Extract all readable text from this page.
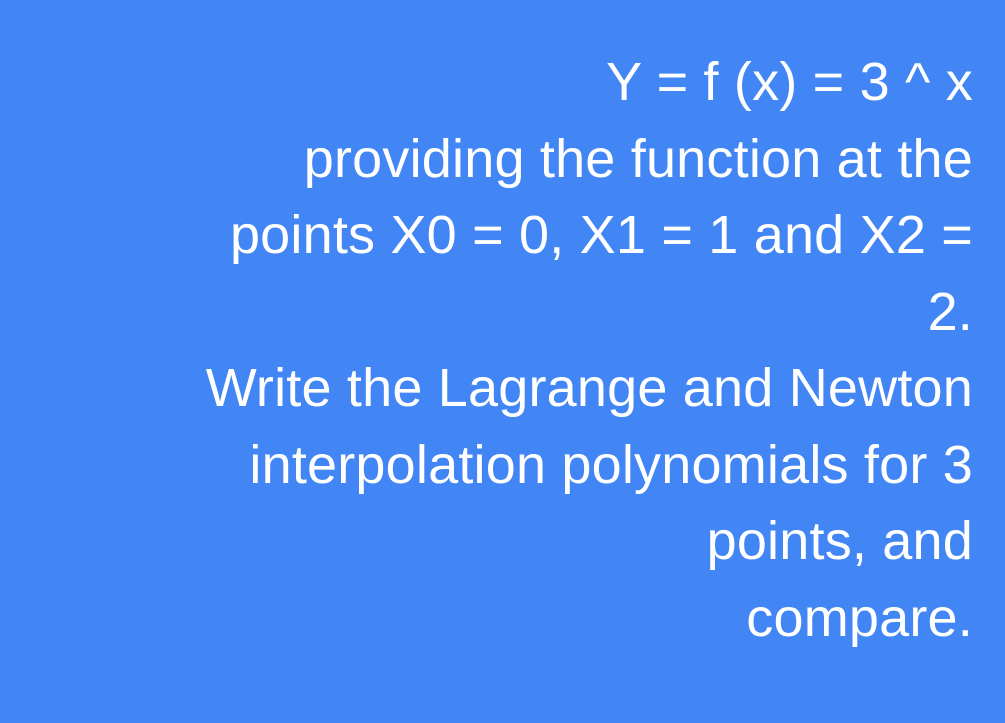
Y = f (x) = 3 ^ x
providing the function at the
points X0 = 0, X1 = 1 and X2 =
2.
Write the Lagrange and Newton
interpolation polynomials for 3
points, and
compare.
